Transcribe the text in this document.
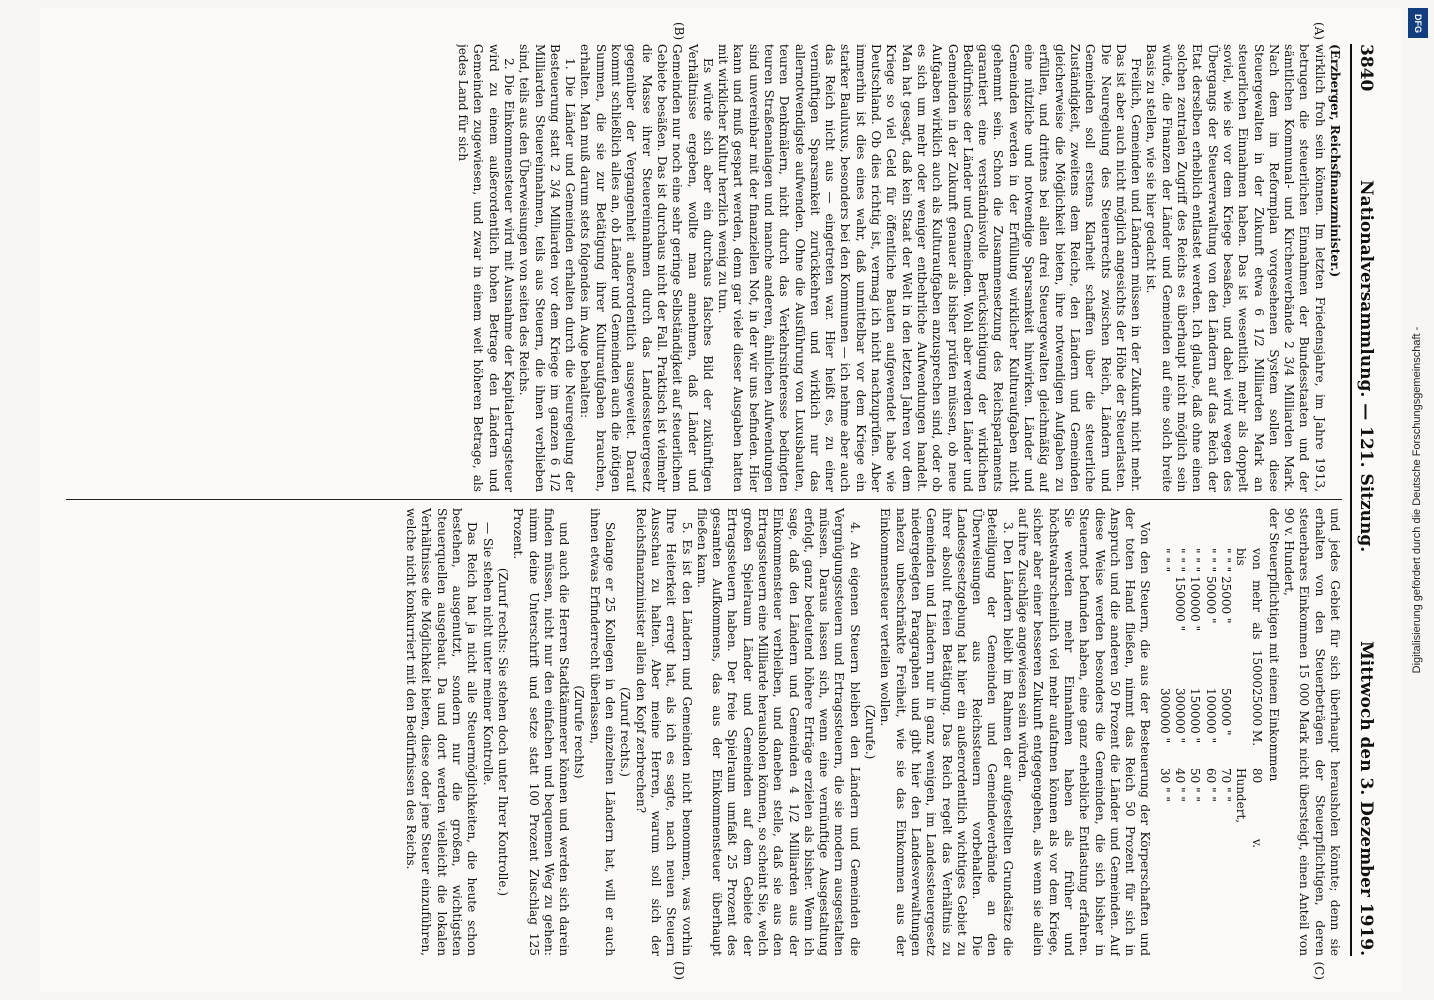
3840
Nationalversammlung. — 121. Sitzung.
Mittwoch den 3. Dezember 1919.

(Erzberger, Reichsfinanzminister.)

wirklich froh sein können. Im letzten Friedensjahre, im Jahre 1913, betrugen die steuerlichen Einnahmen der Bundesstaaten und der sämtlichen Kommunal- und Kirchenverbände 2 3/4 Milliarden Mark. Nach dem im Reformplan vorgesehenen System sollen diese Steuergewalten in der Zukunft etwa 6 1/2 Milliarden Mark an steuerlichen Einnahmen haben. Das ist wesentlich mehr als doppelt soviel, wie sie vor dem Kriege besaßen, und dabei wird wegen des Übergangs der Steuerverwaltung von den Ländern auf das Reich der Etat derselben erheblich entlastet werden. Ich glaube, daß ohne einen solchen zentralen Zugriff des Reichs es überhaupt nicht möglich sein würde, die Finanzen der Länder und Gemeinden auf eine solch breite Basis zu stellen, wie sie hier gedacht ist.

Freilich, Gemeinden und Ländern müssen in der Zukunft nicht mehr. Das ist aber auch nicht möglich angesichts der Höhe der Steuerlasten. Die Neuregelung des Steuerrechts zwischen Reich, Ländern und Gemeinden soll erstens Klarheit schaffen über die steuerliche Zuständigkeit, zweitens dem Reiche, den Ländern und Gemeinden gleicherweise die Möglichkeit bieten, ihre notwendigen Aufgaben zu erfüllen, und drittens bei allen drei Steuergewalten gleichmäßig auf eine nützliche und notwendige Sparsamkeit hinwirken. Länder und Gemeinden werden in der Erfüllung wirklicher Kulturaufgaben nicht gehemmt sein. Schon die Zusammensetzung des Reichsparlaments garantiert eine verständnisvolle Berücksichtigung der wirklichen Bedürfnisse der Länder und Gemeinden. Wohl aber werden Länder und Gemeinden in der Zukunft genauer als bisher prüfen müssen, ob neue Aufgaben wirklich auch als Kulturaufgaben anzusprechen sind, oder ob es sich um mehr oder weniger entbehrliche Aufwendungen handelt. Man hat gesagt, daß kein Staat der Welt in den letzten Jahren vor dem Kriege so viel Geld für öffentliche Bauten aufgewendet habe wie Deutschland. Ob dies richtig ist, vermag ich nicht nachzuprüfen. Aber immerhin ist dies eines wahr, daß unmittelbar vor dem Kriege ein starker Bauluxus, besonders bei den Kommunen — ich nehme aber auch das Reich nicht aus — eingetreten war. Hier heißt es, zu einer vernünftigen Sparsamkeit zurückkehren und wirklich nur das allernotwendigste aufwenden. Ohne die Ausführung von Luxusbauten, teuren Denkmälern, nicht durch das Verkehrsinteresse bedingten teuren Straßenanlagen und manche anderen, ähnlichen Aufwendungen sind unvereinbar mit der finanziellen Not, in der wir uns befinden. Hier kann und muß gespart werden, denn gar viele dieser Ausgaben hatten mit wirklicher Kultur herzlich wenig zu tun.

Es würde sich aber ein durchaus falsches Bild der zukünftigen Verhältnisse ergeben, wollte man annehmen, daß Länder und Gemeinden nur noch eine sehr geringe Selbständigkeit auf steuerlichem Gebiete besäßen. Das ist durchaus nicht der Fall. Praktisch ist vielmehr die Masse ihrer Steuereinnahmen durch das Landessteuergesetz gegenüber der Vergangenheit außerordentlich ausgeweitet. Darauf kommt schließlich alles an, ob Länder und Gemeinden auch die nötigen Summen, die sie zur Betätigung ihrer Kulturaufgaben brauchen, erhalten. Man muß darum stets folgendes im Auge behalten:

1. Die Länder und Gemeinden erhalten durch die Neuregelung der Besteuerung statt 2 3/4 Milliarden vor dem Kriege im ganzen 6 1/2 Milliarden Steuereinnahmen, teils aus Steuern, die ihnen verblieben sind, teils aus den Überweisungen von seiten des Reichs.

2. Die Einkommensteuer wird mit Ausnahme der Kapitalertragsteuer wird zu einem außerordentlich hohen Betrage den Ländern und Gemeinden zugewiesen, und zwar in einem weit höheren Betrage, als jedes Land für sich

und jedes Gebiet für sich überhaupt herausholen könnte; denn sie erhalten von den Steuerbeträgen der Steuerpflichtigen, deren steuerbares Einkommen 15 000 Mark nicht übersteigt, einen Anteil von 90 v. Hundert,

der Steuerpflichtigen mit einem Einkommen

von mehr als 15000 bis
25000 M.
80 v. Hundert,
" " " 25000 "
50000 "
70 " "
" " " 50000 "
100000 "
60 " "
" " " 100000 "
150000 "
50 " "
" " " 150000 "
300000 "
40 " "
" " "
300000 "
30 " "

Von den Steuern, die aus der Besteuerung der Körperschaften und der toten Hand fließen, nimmt das Reich 50 Prozent für sich in Anspruch und die anderen 50 Prozent die Länder und Gemeinden. Auf diese Weise werden besonders die Gemeinden, die sich bisher in Steuernot befunden haben, eine ganz erhebliche Entlastung erfahren. Sie werden mehr Einnahmen haben als früher und höchstwahrscheinlich viel mehr aufatmen können als vor dem Kriege, sicher aber einer besseren Zukunft entgegengehen, als wenn sie allein auf ihre Zuschläge angewiesen sein würden.

3. Den Ländern bleibt im Rahmen der aufgestellten Grundsätze die Beteiligung der Gemeinden und Gemeindeverbände an den Überweisungen aus Reichssteuern vorbehalten. Die Landesgesetzgebung hat hier ein außerordentlich wichtiges Gebiet zu ihrer absolut freien Betätigung. Das Reich regelt das Verhältnis zu Gemeinden und Ländern nur in ganz wenigen, im Landessteuergesetz niedergelegten Paragraphen und gibt hier den Landesverwaltungen nahezu unbeschränkte Freiheit, wie sie das Einkommen aus der Einkommensteuer verteilen wollen.

(Zurufe.)

4. An eigenen Steuern bleiben den Ländern und Gemeinden die Vergnügungssteuern und Ertragssteuern, die sie modern ausgestalten müssen. Daraus lassen sich, wenn eine vernünftige Ausgestaltung erfolgt, ganz bedeutend höhere Erträge erzielen als bisher. Wenn ich sage, daß den Ländern und Gemeinden 4 1/2 Milliarden aus der Einkommensteuer verbleiben, und daneben stelle, daß sie aus den Ertragssteuern eine Milliarde herausholen können, so scheint Sie, welch großen Spielraum Länder und Gemeinden auf dem Gebiete der Ertragssteuern haben. Der freie Spielraum umfaßt 25 Prozent des gesamten Aufkommens, das aus der Einkommensteuer überhaupt fließen kann.

5. Es ist den Ländern und Gemeinden nicht benommen, was vorhin Ihre Heiterkeit erregt hat, als ich es sagte, nach neuen Steuern Ausschau zu halten. Aber meine Herren, warum soll sich der Reichsfinanzminister allein den Kopf zerbrechen?

(Zuruf rechts.)

Solange er 25 Kollegen in den einzelnen Ländern hat, will er auch ihnen etwas Erfinderrecht überlassen,

(Zurufe rechts)

und auch die Herren Stadtkämmerer können und werden sich darein finden müssen, nicht nur den einfachen und bequemen Weg zu gehen: nimm deine Unterschrift und setze statt 100 Prozent Zuschlag 125 Prozent.

(Zuruf rechts: Sie stehen doch unter Ihrer Kontrolle.)

— Sie stehen nicht unter meiner Kontrolle.

Das Reich hat ja nicht alle Steuermöglichkeiten, die heute schon bestehen, ausgenutzt, sondern nur die großen, wichtigsten Steuerquellen ausgebaut. Da und dort werden vielleicht die lokalen Verhältnisse die Möglichkeit bieten, diese oder jene Steuer einzuführen, welche nicht konkurriert mit den Bedürfnissen des Reichs.

(A)
(B)
(C)
(D)
DFG
Digitalisierung gefördert durch die Deutsche Forschungsgemeinschaft -
